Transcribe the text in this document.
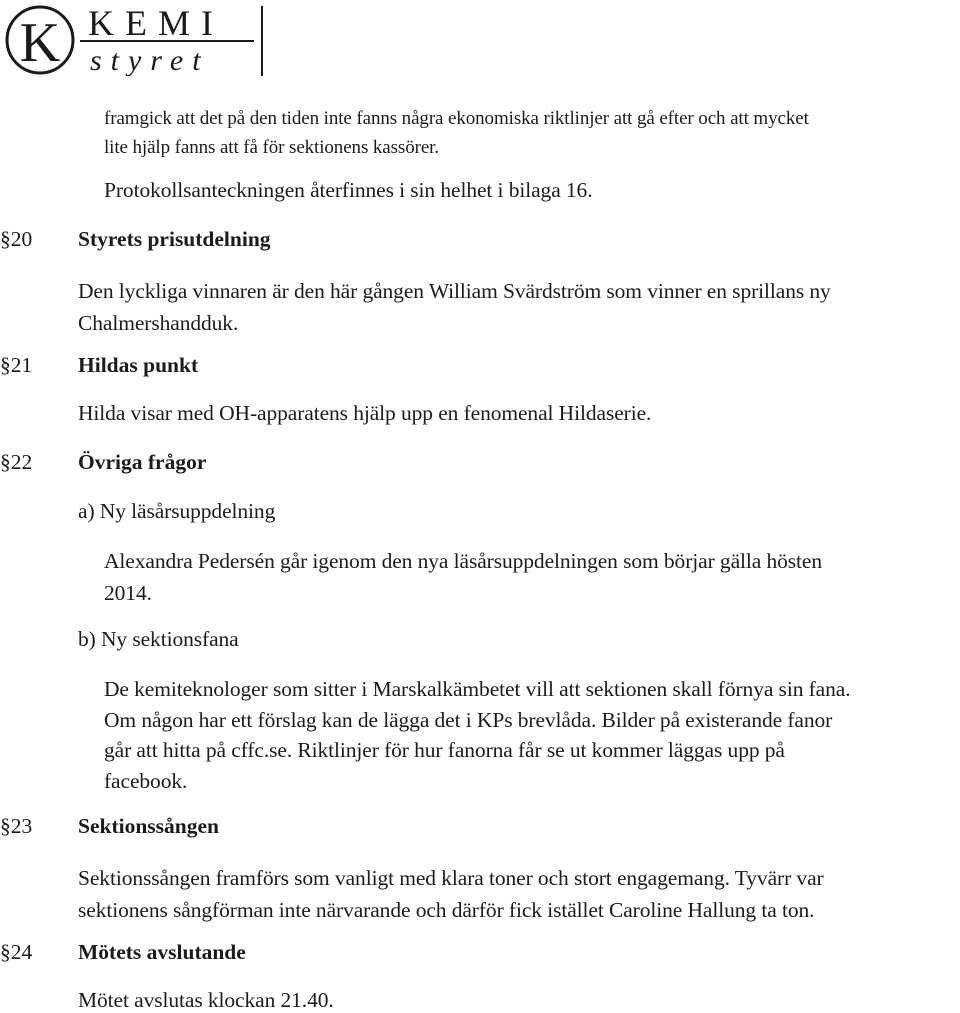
K KEMI
styret

framgick att det på den tiden inte fanns några ekonomiska riktlinjer att gå efter och att mycket
lite hjälp fanns att få för sektionens kassörer.

Protokollsanteckningen återfinnes i sin helhet i bilaga 16.

§20 Styrets prisutdelning

Den lyckliga vinnaren är den här gången William Svärdström som vinner en sprillans ny
Chalmershandduk.

§21 Hildas punkt

Hilda visar med OH-apparatens hjälp upp en fenomenal Hildaserie.

§22 Övriga frågor

a) Ny läsårsuppdelning

Alexandra Pedersén går igenom den nya läsårsuppdelningen som börjar gälla hösten
2014.

b) Ny sektionsfana

De kemiteknologer som sitter i Marskalkämbetet vill att sektionen skall förnya sin fana.
Om någon har ett förslag kan de lägga det i KPs brevlåda. Bilder på existerande fanor
går att hitta på cffc.se. Riktlinjer för hur fanorna får se ut kommer läggas upp på
facebook.

§23 Sektionssången

Sektionssången framförs som vanligt med klara toner och stort engagemang. Tyvärr var
sektionens sångförman inte närvarande och därför fick istället Caroline Hallung ta ton.

§24 Mötets avslutande

Mötet avslutas klockan 21.40.
